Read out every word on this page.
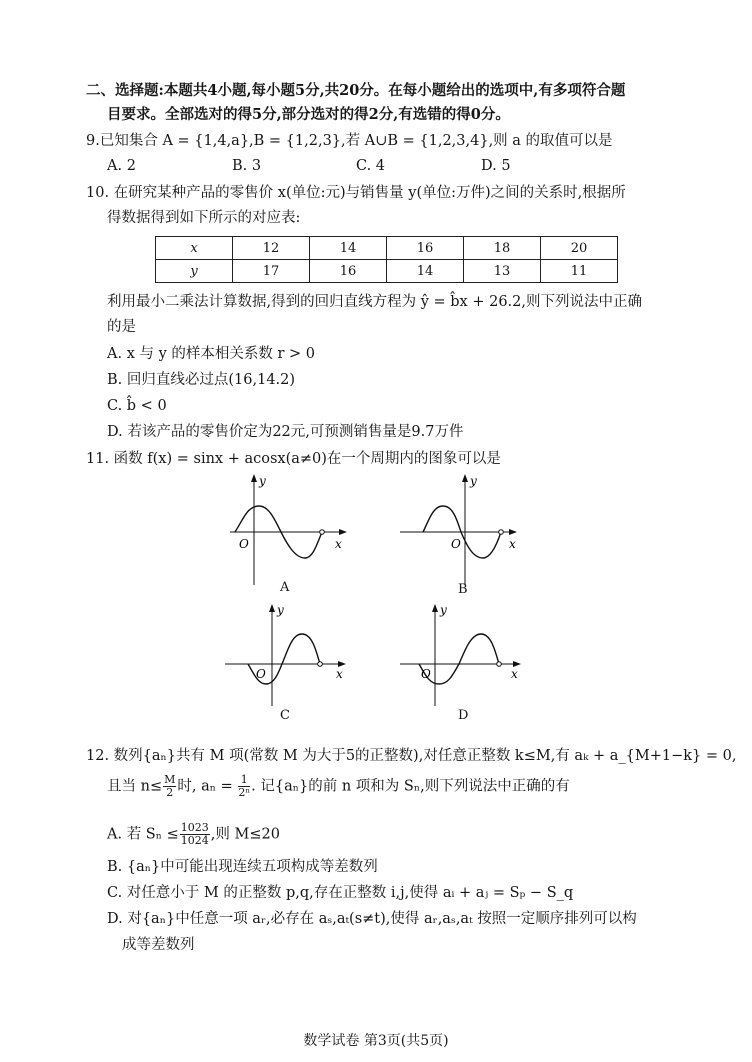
二、选择题:本题共4小题,每小题5分,共20分。在每小题给出的选项中,有多项符合题
目要求。全部选对的得5分,部分选对的得2分,有选错的得0分。
9.已知集合 A = {1,4,a},B = {1,2,3},若 A∪B = {1,2,3,4},则 a 的取值可以是
A. 2	B. 3	C. 4	D. 5
10. 在研究某种产品的零售价 x(单位:元)与销售量 y(单位:万件)之间的关系时,根据所
得数据得到如下所示的对应表:
x	12	14	16	18	20
y	17	16	14	13	11
利用最小二乘法计算数据,得到的回归直线方程为 ŷ = b̂x + 26.2,则下列说法中正确
的是
A. x 与 y 的样本相关系数 r > 0
B. 回归直线必过点(16,14.2)
C. b̂ < 0
D. 若该产品的零售价定为22元,可预测销售量是9.7万件
11. 函数 f(x) = sinx + acosx(a≠0)在一个周期内的图象可以是
y
x
O
A
y
x
O
B
y
x
O
C
y
x
O
D
12. 数列{aₙ}共有 M 项(常数 M 为大于5的正整数),对任意正整数 k≤M,有 aₖ + a_{M+1−k} = 0,
且当 $n\le \frac{M}{2}$ 时, $a_n = \frac{1}{\text{2ⁿ}}$ . 记{aₙ}的前 n 项和为 Sₙ,则下列说法中正确的有
A. 若 $S_n \le \frac{1023}{1024}$ ,则 M≤20
B. {aₙ}中可能出现连续五项构成等差数列
C. 对任意小于 M 的正整数 p,q,存在正整数 i,j,使得 aᵢ + aⱼ = Sₚ − S_q
D. 对{aₙ}中任意一项 aᵣ,必存在 aₛ,aₜ(s≠t),使得 aᵣ,aₛ,aₜ 按照一定顺序排列可以构
成等差数列
数学试卷 第3页(共5页)
